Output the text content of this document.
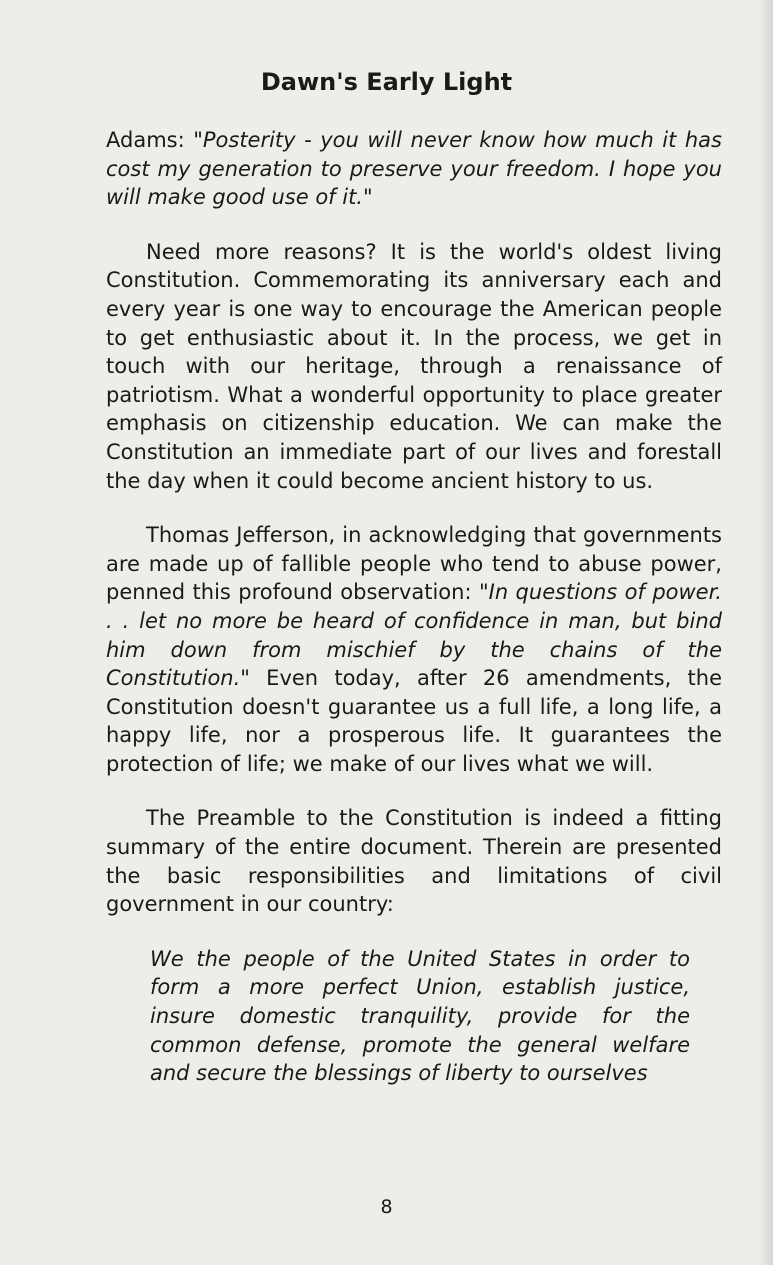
Dawn's Early Light

Adams: "Posterity - you will never know how much it has cost my generation to preserve your freedom. I hope you will make good use of it."

Need more reasons? It is the world's oldest living Constitution. Commemorating its anniversary each and every year is one way to encourage the American people to get enthusiastic about it. In the process, we get in touch with our heritage, through a renaissance of patriotism. What a wonderful opportunity to place greater emphasis on citizenship education. We can make the Constitution an immediate part of our lives and forestall the day when it could become ancient history to us.

Thomas Jefferson, in acknowledging that governments are made up of fallible people who tend to abuse power, penned this profound observation: "In questions of power. . . let no more be heard of confidence in man, but bind him down from mischief by the chains of the Constitution." Even today, after 26 amendments, the Constitution doesn't guarantee us a full life, a long life, a happy life, nor a prosperous life. It guarantees the protection of life; we make of our lives what we will.

The Preamble to the Constitution is indeed a fitting summary of the entire document. Therein are presented the basic responsibilities and limitations of civil government in our country:

We the people of the United States in order to form a more perfect Union, establish justice, insure domestic tranquility, provide for the common defense, promote the general welfare and secure the blessings of liberty to ourselves

8
